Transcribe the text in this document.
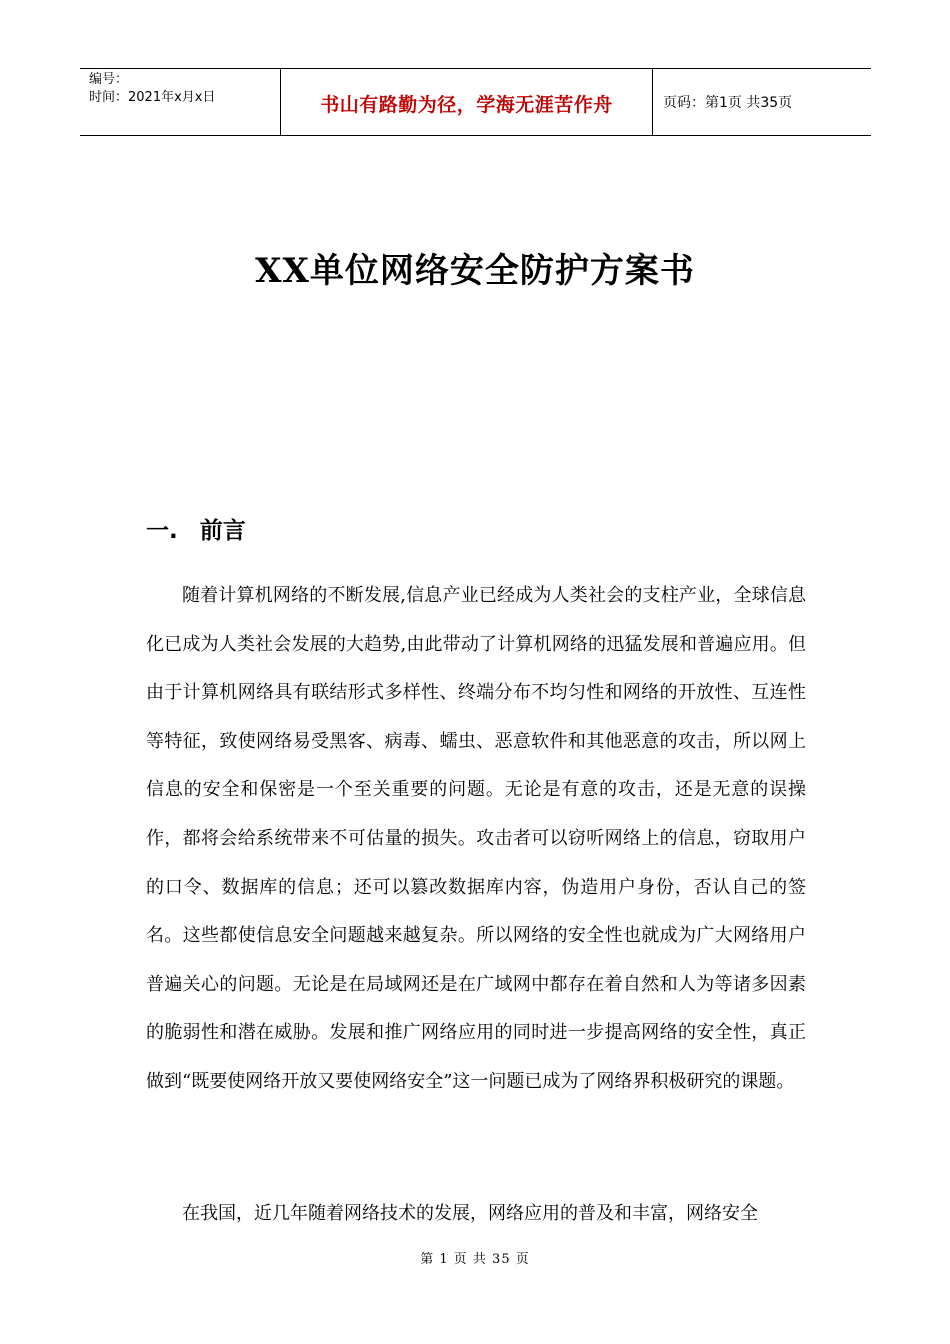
编号：
时间：2021年x月x日	书山有路勤为径，学海无涯苦作舟	页码：第1页 共35页
XX单位网络安全防护方案书
一. 前言

随着计算机网络的不断发展,信息产业已经成为人类社会的支柱产业，全球信息化已成为人类社会发展的大趋势,由此带动了计算机网络的迅猛发展和普遍应用。但由于计算机网络具有联结形式多样性、终端分布不均匀性和网络的开放性、互连性等特征，致使网络易受黑客、病毒、蠕虫、恶意软件和其他恶意的攻击，所以网上信息的安全和保密是一个至关重要的问题。无论是有意的攻击，还是无意的误操作，都将会给系统带来不可估量的损失。攻击者可以窃听网络上的信息，窃取用户的口令、数据库的信息；还可以篡改数据库内容，伪造用户身份，否认自己的签名。这些都使信息安全问题越来越复杂。所以网络的安全性也就成为广大网络用户普遍关心的问题。无论是在局域网还是在广域网中都存在着自然和人为等诸多因素的脆弱性和潜在威胁。发展和推广网络应用的同时进一步提高网络的安全性，真正做到“既要使网络开放又要使网络安全”这一问题已成为了网络界积极研究的课题。

在我国，近几年随着网络技术的发展，网络应用的普及和丰富，网络安全

第 1 页 共 35 页
